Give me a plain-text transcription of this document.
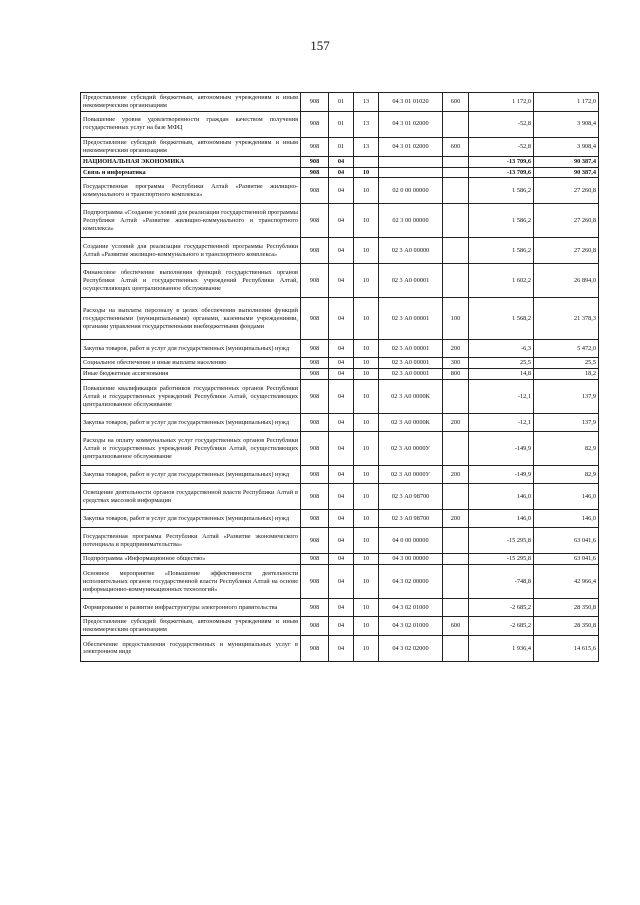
157
Предоставление субсидий бюджетным, автономным учреждениям и иным некоммерческим организациям	908	01	13	04 3 01 01020	600	1 172,0	1 172,0
Повышение уровня удовлетворенности граждан качеством получения государственных услуг на базе МФЦ	908	01	13	04 3 01 02000		-52,8	3 908,4
Предоставление субсидий бюджетным, автономным учреждениям и иным некоммерческим организациям	908	01	13	04 3 01 02000	600	-52,8	3 908,4
НАЦИОНАЛЬНАЯ ЭКОНОМИКА	908	04				-13 709,6	90 387,4
Связь и информатика	908	04	10			-13 709,6	90 387,4
Государственная программа Республики Алтай «Развитие жилищно-коммунального и транспортного комплекса»	908	04	10	02 0 00 00000		1 586,2	27 260,8
Подпрограмма «Создание условий для реализации государственной программы Республики Алтай «Развитие жилищно-коммунального и транспортного комплекса»	908	04	10	02 3 00 00000		1 586,2	27 260,8
Создание условий для реализации государственной программы Республики Алтай «Развитие жилищно-коммунального и транспортного комплекса»	908	04	10	02 3 А0 00000		1 586,2	27 260,8
Финансовое обеспечение выполнения функций государственных органов Республики Алтай и государственных учреждений Республики Алтай, осуществляющих централизованное обслуживание	908	04	10	02 3 А0 00001		1 602,2	26 894,0
Расходы на выплаты персоналу в целях обеспечения выполнения функций государственными (муниципальными) органами, казенными учреждениями, органами управления государственными внебюджетными фондами	908	04	10	02 3 А0 00001	100	1 568,2	21 378,3
Закупка товаров, работ и услуг для государственных (муниципальных) нужд	908	04	10	02 3 А0 00001	200	-6,3	5 472,0
Социальное обеспечение и иные выплаты населению	908	04	10	02 3 А0 00001	300	25,5	25,5
Иные бюджетные ассигнования	908	04	10	02 3 А0 00001	800	14,8	18,2
Повышение квалификации работников государственных органов Республики Алтай и государственных учреждений Республики Алтай, осуществляющих централизованное обслуживание	908	04	10	02 3 А0 0000К		-12,1	137,9
Закупка товаров, работ и услуг для государственных (муниципальных) нужд	908	04	10	02 3 А0 0000К	200	-12,1	137,9
Расходы на оплату коммунальных услуг государственных органов Республики Алтай и государственных учреждений Республики Алтай, осуществляющих централизованное обслуживание	908	04	10	02 3 А0 0000У		-149,9	82,9
Закупка товаров, работ и услуг для государственных (муниципальных) нужд	908	04	10	02 3 А0 0000У	200	-149,9	82,9
Освещение деятельности органов государственной власти Республики Алтай в средствах массовой информации	908	04	10	02 3 А0 98700		146,0	146,0
Закупка товаров, работ и услуг для государственных (муниципальных) нужд	908	04	10	02 3 А0 98700	200	146,0	146,0
Государственная программа Республики Алтай «Развитие экономического потенциала и предпринимательства»	908	04	10	04 0 00 00000		-15 295,8	63 041,6
Подпрограмма «Информационное общество»	908	04	10	04 3 00 00000		-15 295,8	63 041,6
Основное мероприятие «Повышение эффективности деятельности исполнительных органов государственной власти Республики Алтай на основе информационно-коммуникационных технологий»	908	04	10	04 3 02 00000		-748,8	42 966,4
Формирование и развитие инфраструктуры электронного правительства	908	04	10	04 3 02 01000		-2 685,2	28 350,8
Предоставление субсидий бюджетным, автономным учреждениям и иным некоммерческим организациям	908	04	10	04 3 02 01000	600	-2 685,2	28 350,8
Обеспечение предоставления государственных и муниципальных услуг в электронном виде	908	04	10	04 3 02 02000		1 936,4	14 615,6
